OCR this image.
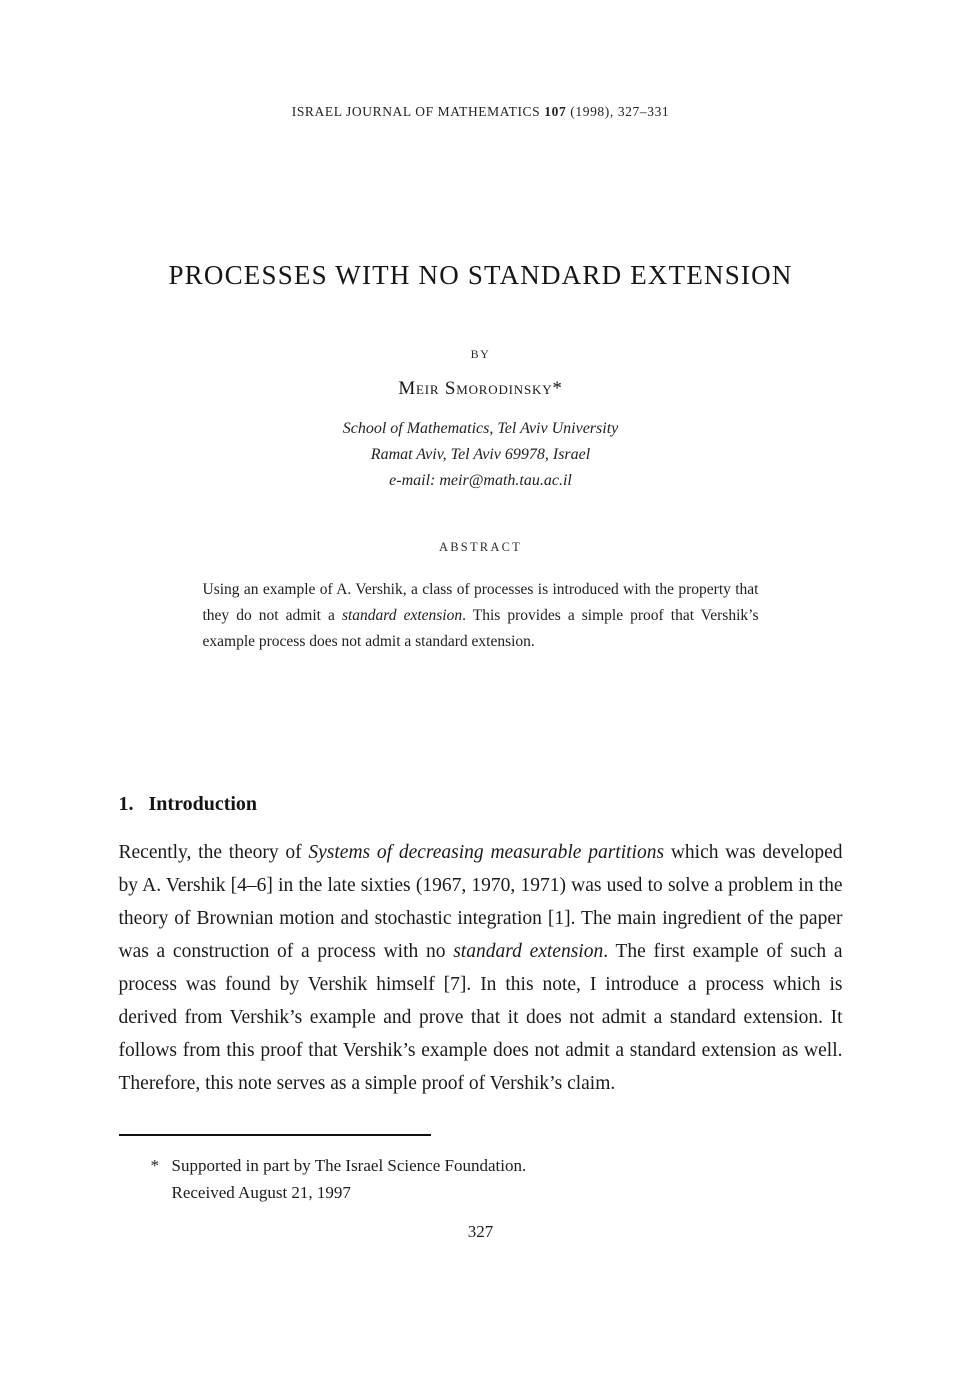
ISRAEL JOURNAL OF MATHEMATICS 107 (1998), 327–331
PROCESSES WITH NO STANDARD EXTENSION
BY
Meir Smorodinsky*
School of Mathematics, Tel Aviv University
Ramat Aviv, Tel Aviv 69978, Israel
e-mail: meir@math.tau.ac.il
ABSTRACT

Using an example of A. Vershik, a class of processes is introduced with the property that they do not admit a standard extension. This provides a simple proof that Vershik’s example process does not admit a standard extension.

1. Introduction

Recently, the theory of Systems of decreasing measurable partitions which was developed by A. Vershik [4–6] in the late sixties (1967, 1970, 1971) was used to solve a problem in the theory of Brownian motion and stochastic integration [1]. The main ingredient of the paper was a construction of a process with no standard extension. The first example of such a process was found by Vershik himself [7]. In this note, I introduce a process which is derived from Vershik’s example and prove that it does not admit a standard extension. It follows from this proof that Vershik’s example does not admit a standard extension as well. Therefore, this note serves as a simple proof of Vershik’s claim.

* Supported in part by The Israel Science Foundation.
Received August 21, 1997
327
